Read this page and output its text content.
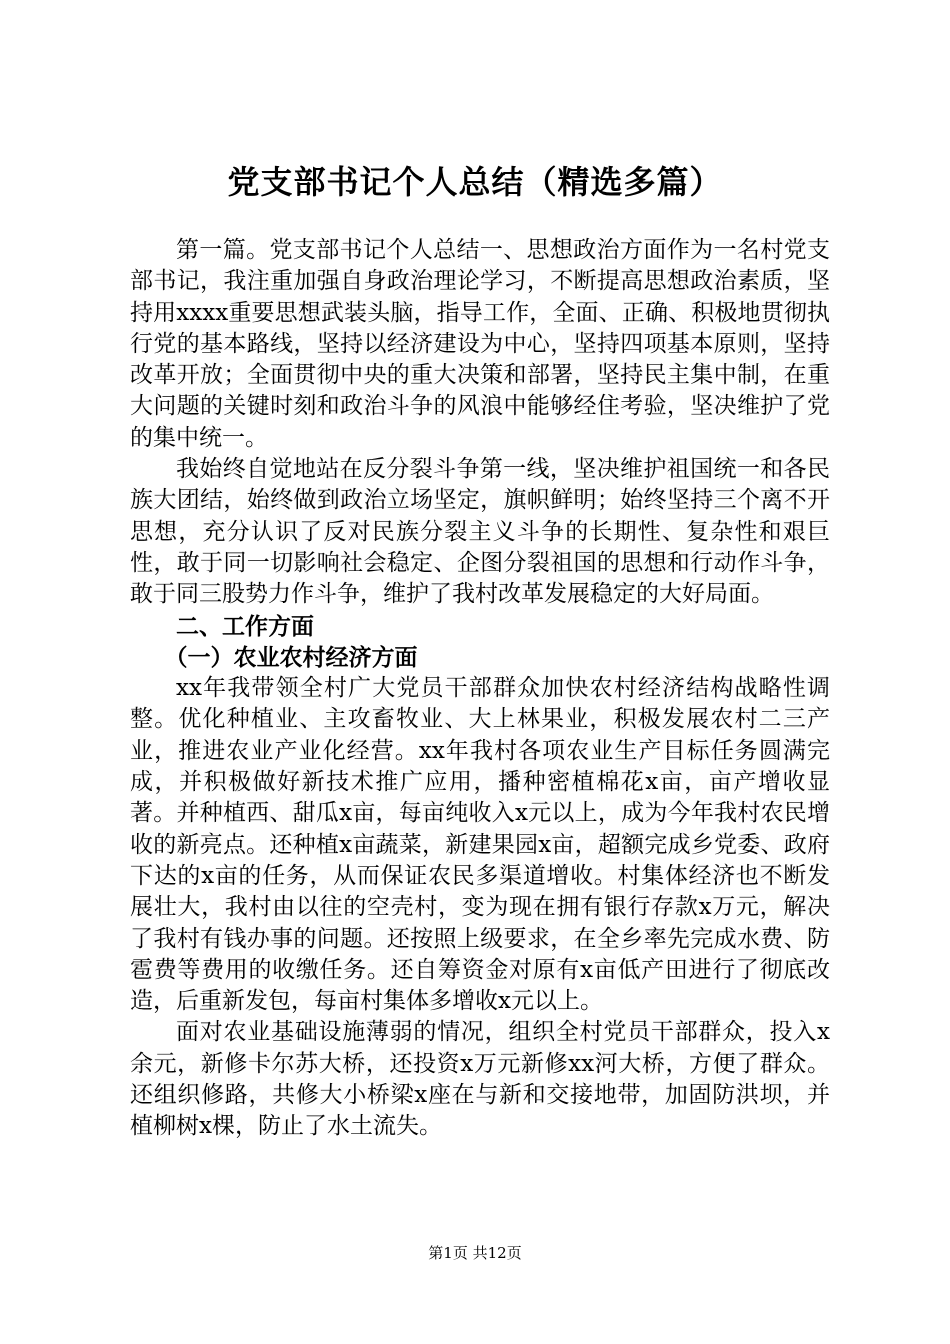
党支部书记个人总结（精选多篇）

第一篇。党支部书记个人总结一、思想政治方面作为一名村党支部书记，我注重加强自身政治理论学习，不断提高思想政治素质，坚持用xxxx重要思想武装头脑，指导工作，全面、正确、积极地贯彻执行党的基本路线，坚持以经济建设为中心，坚持四项基本原则，坚持改革开放；全面贯彻中央的重大决策和部署，坚持民主集中制，在重大问题的关键时刻和政治斗争的风浪中能够经住考验，坚决维护了党的集中统一。

我始终自觉地站在反分裂斗争第一线，坚决维护祖国统一和各民族大团结，始终做到政治立场坚定，旗帜鲜明；始终坚持三个离不开思想，充分认识了反对民族分裂主义斗争的长期性、复杂性和艰巨性，敢于同一切影响社会稳定、企图分裂祖国的思想和行动作斗争，敢于同三股势力作斗争，维护了我村改革发展稳定的大好局面。

二、工作方面
（一）农业农村经济方面

xx年我带领全村广大党员干部群众加快农村经济结构战略性调整。优化种植业、主攻畜牧业、大上林果业，积极发展农村二三产业，推进农业产业化经营。xx年我村各项农业生产目标任务圆满完成，并积极做好新技术推广应用，播种密植棉花x亩，亩产增收显著。并种植西、甜瓜x亩，每亩纯收入x元以上，成为今年我村农民增收的新亮点。还种植x亩蔬菜，新建果园x亩，超额完成乡党委、政府下达的x亩的任务，从而保证农民多渠道增收。村集体经济也不断发展壮大，我村由以往的空壳村，变为现在拥有银行存款x万元，解决了我村有钱办事的问题。还按照上级要求，在全乡率先完成水费、防雹费等费用的收缴任务。还自筹资金对原有x亩低产田进行了彻底改造，后重新发包，每亩村集体多增收x元以上。

面对农业基础设施薄弱的情况，组织全村党员干部群众，投入x余元，新修卡尔苏大桥，还投资x万元新修xx河大桥，方便了群众。还组织修路，共修大小桥梁x座在与新和交接地带，加固防洪坝，并植柳树x棵，防止了水土流失。

第1页 共12页
